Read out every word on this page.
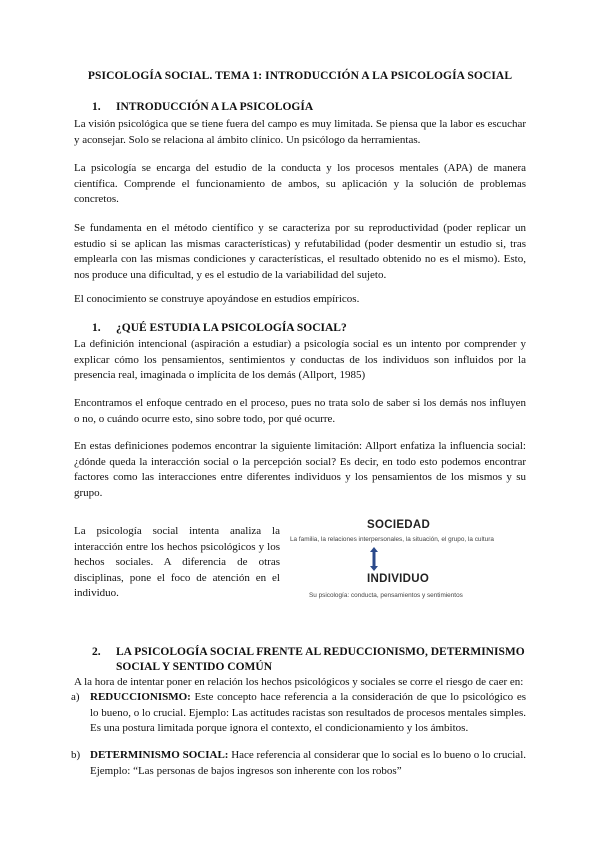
PSICOLOGÍA SOCIAL. TEMA 1: INTRODUCCIÓN A LA PSICOLOGÍA SOCIAL
1. INTRODUCCIÓN A LA PSICOLOGÍA

La visión psicológica que se tiene fuera del campo es muy limitada. Se piensa que la labor es escuchar y aconsejar. Solo se relaciona al ámbito clínico. Un psicólogo da herramientas.

La psicología se encarga del estudio de la conducta y los procesos mentales (APA) de manera científica. Comprende el funcionamiento de ambos, su aplicación y la solución de problemas concretos.

Se fundamenta en el método científico y se caracteriza por su reproductividad (poder replicar un estudio si se aplican las mismas características) y refutabilidad (poder desmentir un estudio si, tras emplearla con las mismas condiciones y características, el resultado obtenido no es el mismo). Esto, nos produce una dificultad, y es el estudio de la variabilidad del sujeto.

El conocimiento se construye apoyándose en estudios empíricos.

1. ¿QUÉ ESTUDIA LA PSICOLOGÍA SOCIAL?

La definición intencional (aspiración a estudiar) a psicología social es un intento por comprender y explicar cómo los pensamientos, sentimientos y conductas de los individuos son influidos por la presencia real, imaginada o implícita de los demás (Allport, 1985)

Encontramos el enfoque centrado en el proceso, pues no trata solo de saber si los demás nos influyen o no, o cuándo ocurre esto, sino sobre todo, por qué ocurre.

En estas definiciones podemos encontrar la siguiente limitación: Allport enfatiza la influencia social: ¿dónde queda la interacción social o la percepción social? Es decir, en todo esto podemos encontrar factores como las interacciones entre diferentes individuos y los pensamientos de los mismos y su grupo.

La psicología social intenta analiza la interacción entre los hechos psicológicos y los hechos sociales. A diferencia de otras disciplinas, pone el foco de atención en el individuo.

SOCIEDAD
La familia, la relaciones interpersonales, la situación, el grupo, la cultura
INDIVIDUO
Su psicología: conducta, pensamientos y sentimientos
2. LA PSICOLOGÍA SOCIAL FRENTE AL REDUCCIONISMO, DETERMINISMO
SOCIAL Y SENTIDO COMÚN

A la hora de intentar poner en relación los hechos psicológicos y sociales se corre el riesgo de caer en:

a) REDUCCIONISMO: Este concepto hace referencia a la consideración de que lo psicológico es lo bueno, o lo crucial. Ejemplo: Las actitudes racistas son resultados de procesos mentales simples. Es una postura limitada porque ignora el contexto, el condicionamiento y los ámbitos.

b) DETERMINISMO SOCIAL: Hace referencia al considerar que lo social es lo bueno o lo crucial. Ejemplo: “Las personas de bajos ingresos son inherente con los robos”
